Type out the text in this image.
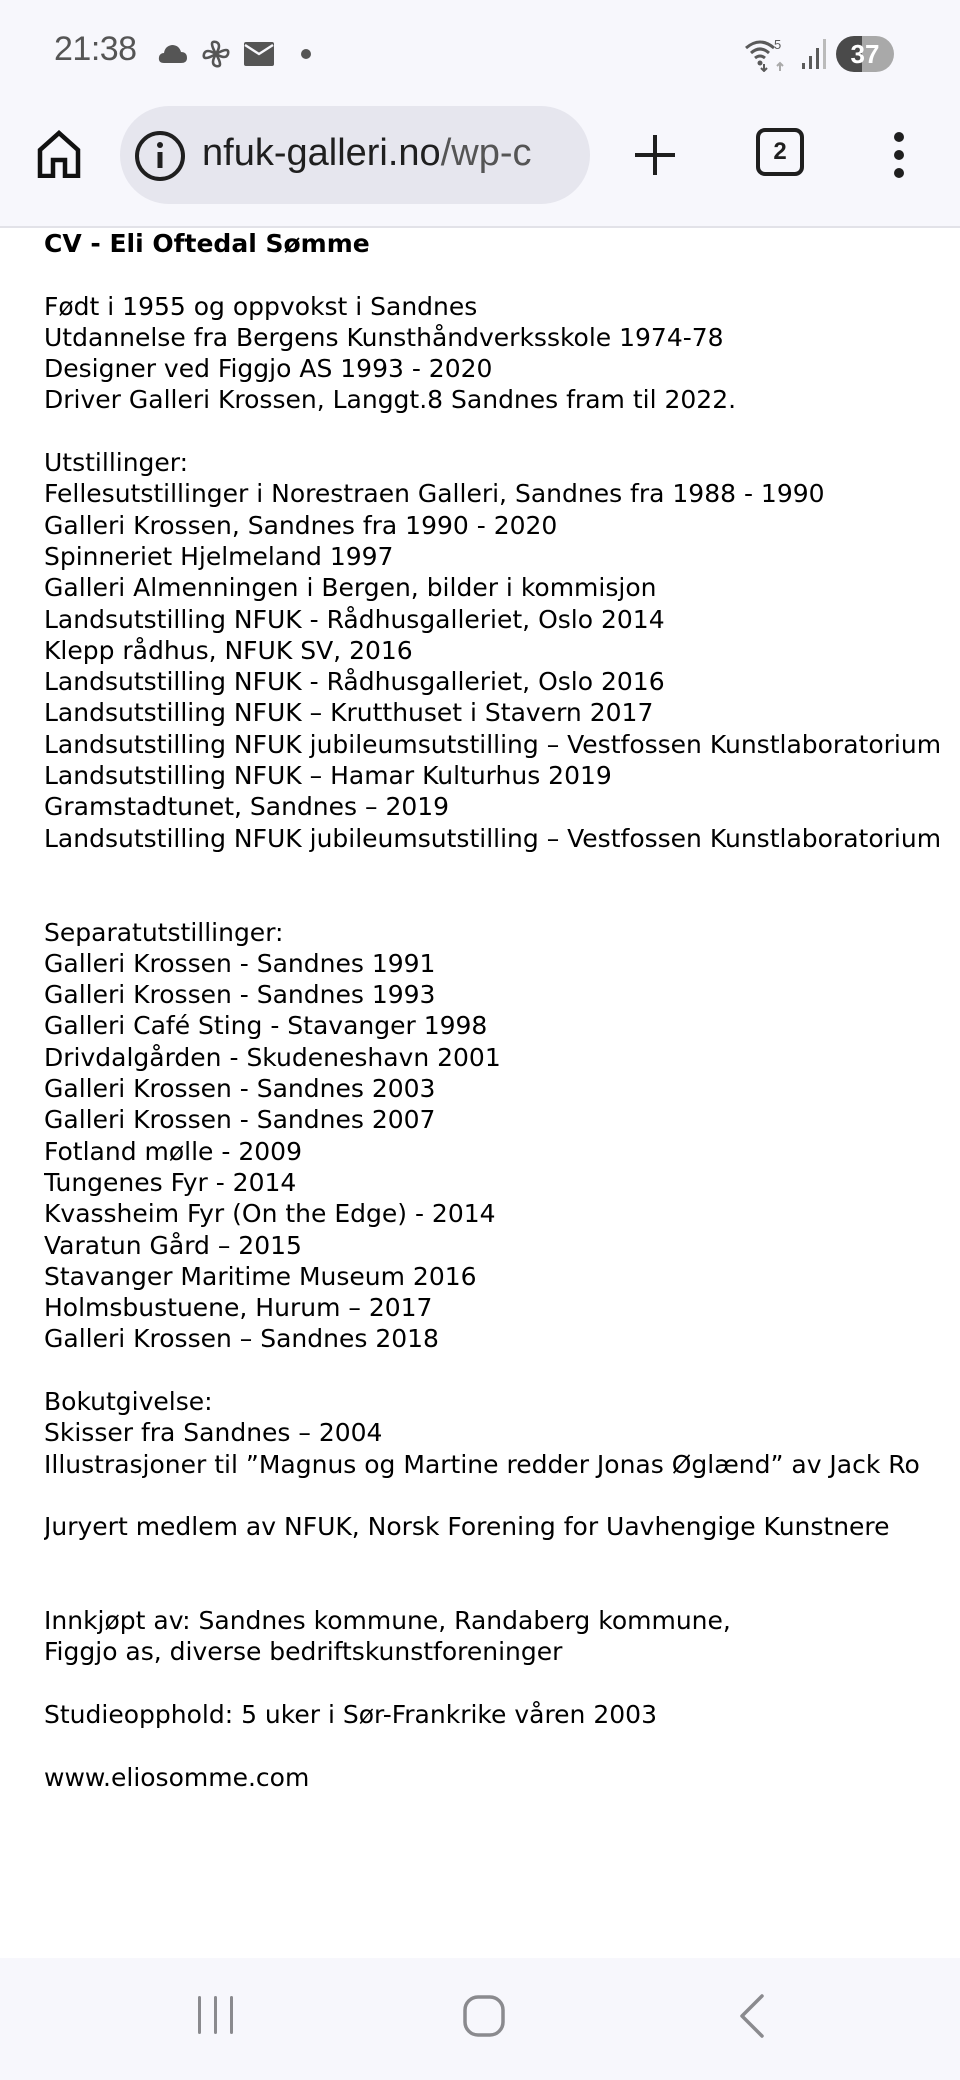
21:38	5	37
nfuk-galleri.no/wp-c	2
CV - Eli Oftedal Sømme
Født i 1955 og oppvokst i Sandnes
Utdannelse fra Bergens Kunsthåndverksskole 1974-78
Designer ved Figgjo AS 1993 - 2020
Driver Galleri Krossen, Langgt.8 Sandnes fram til 2022.
Utstillinger:
Fellesutstillinger i Norestraen Galleri, Sandnes fra 1988 - 1990
Galleri Krossen, Sandnes fra 1990 - 2020
Spinneriet Hjelmeland 1997
Galleri Almenningen i Bergen, bilder i kommisjon
Landsutstilling NFUK - Rådhusgalleriet, Oslo 2014
Klepp rådhus, NFUK SV, 2016
Landsutstilling NFUK - Rådhusgalleriet, Oslo 2016
Landsutstilling NFUK – Krutthuset i Stavern 2017
Landsutstilling NFUK jubileumsutstilling – Vestfossen Kunstlaboratorium
Landsutstilling NFUK – Hamar Kulturhus 2019
Gramstadtunet, Sandnes – 2019
Landsutstilling NFUK jubileumsutstilling – Vestfossen Kunstlaboratorium
Separatutstillinger:
Galleri Krossen - Sandnes 1991
Galleri Krossen - Sandnes 1993
Galleri Café Sting - Stavanger 1998
Drivdalgården - Skudeneshavn 2001
Galleri Krossen - Sandnes 2003
Galleri Krossen - Sandnes 2007
Fotland mølle - 2009
Tungenes Fyr - 2014
Kvassheim Fyr (On the Edge) - 2014
Varatun Gård – 2015
Stavanger Maritime Museum 2016
Holmsbustuene, Hurum – 2017
Galleri Krossen – Sandnes 2018
Bokutgivelse:
Skisser fra Sandnes – 2004
Illustrasjoner til ”Magnus og Martine redder Jonas Øglænd” av Jack Ro
Juryert medlem av NFUK, Norsk Forening for Uavhengige Kunstnere
Innkjøpt av: Sandnes kommune, Randaberg kommune,
Figgjo as, diverse bedriftskunstforeninger
Studieopphold: 5 uker i Sør-Frankrike våren 2003
www.eliosomme.com
